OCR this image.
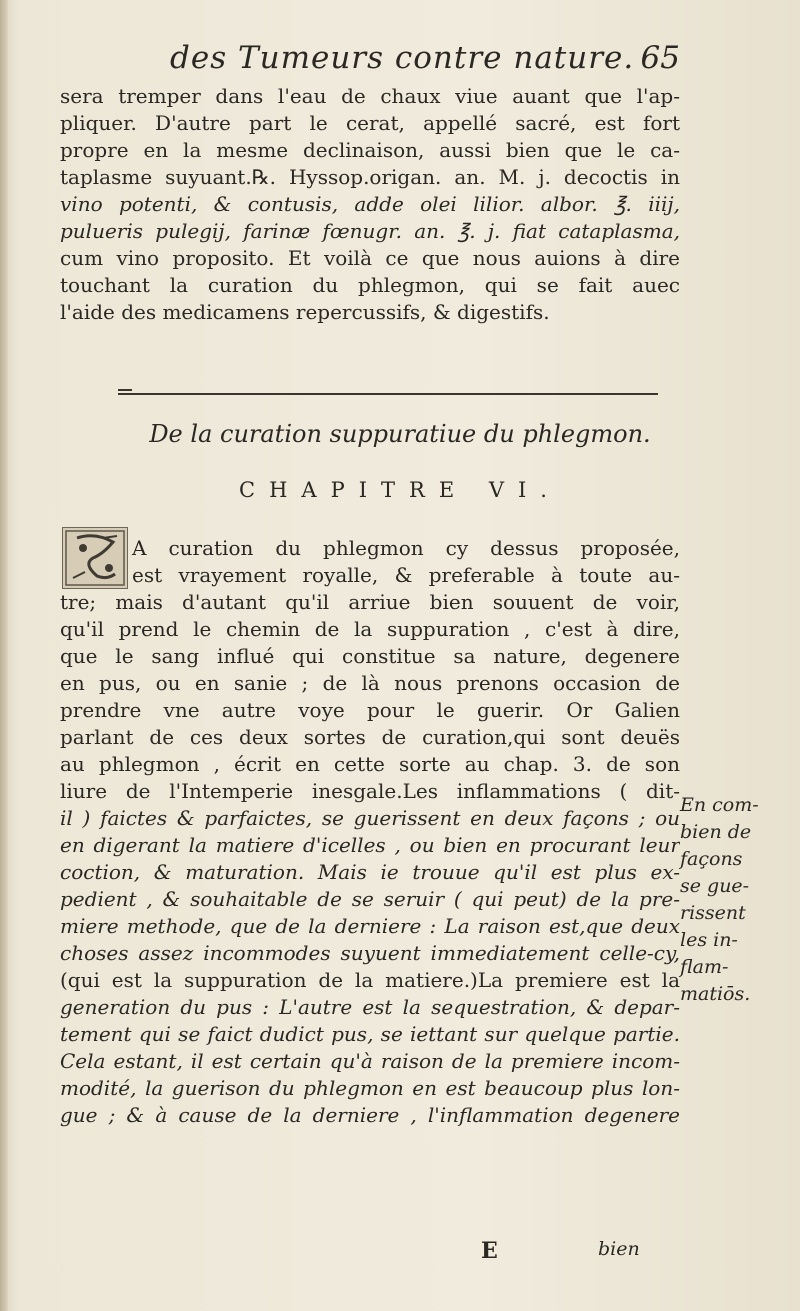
des Tumeurs contre nature. 65
sera tremper dans l'eau de chaux viue auant que l'ap-
pliquer. D'autre part le cerat, appellé sacré, est fort
propre en la mesme declinaison, aussi bien que le ca-
taplasme suyuant.℞. Hyssop.origan. an. M. j. decoctis in
vino potenti, & contusis, adde olei lilior. albor. ℥. iiij,
pulueris pulegij, farinæ fœnugr. an. ℥. j. fiat cataplasma,
cum vino proposito. Et voilà ce que nous auions à dire
touchant la curation du phlegmon, qui se fait auec
l'aide des medicamens repercussifs, & digestifs.
De la curation suppuratiue du phlegmon.
CHAPITRE VI.
A curation du phlegmon cy dessus proposée,
est vrayement royalle, & preferable à toute au-
tre; mais d'autant qu'il arriue bien souuent de voir,
qu'il prend le chemin de la suppuration , c'est à dire,
que le sang influé qui constitue sa nature, degenere
en pus, ou en sanie ; de là nous prenons occasion de
prendre vne autre voye pour le guerir. Or Galien
parlant de ces deux sortes de curation,qui sont deuës
au phlegmon , écrit en cette sorte au chap. 3. de son
liure de l'Intemperie inesgale.Les inflammations ( dit-
il ) faictes & parfaictes, se guerissent en deux façons ; ou
en digerant la matiere d'icelles , ou bien en procurant leur
coction, & maturation. Mais ie trouue qu'il est plus ex-
pedient , & souhaitable de se seruir ( qui peut) de la pre-
miere methode, que de la derniere : La raison est,que deux
choses assez incommodes suyuent immediatement celle-cy,
(qui est la suppuration de la matiere.)La premiere est la
generation du pus : L'autre est la sequestration, & depar-
tement qui se faict dudict pus, se iettant sur quelque partie.
Cela estant, il est certain qu'à raison de la premiere incom-
modité, la guerison du phlegmon en est beaucoup plus lon-
gue ; & à cause de la derniere , l'inflammation degenere
En com-
bien de
façons
se gue-
rissent
les in-
flam-
matiōs.
E	bien
